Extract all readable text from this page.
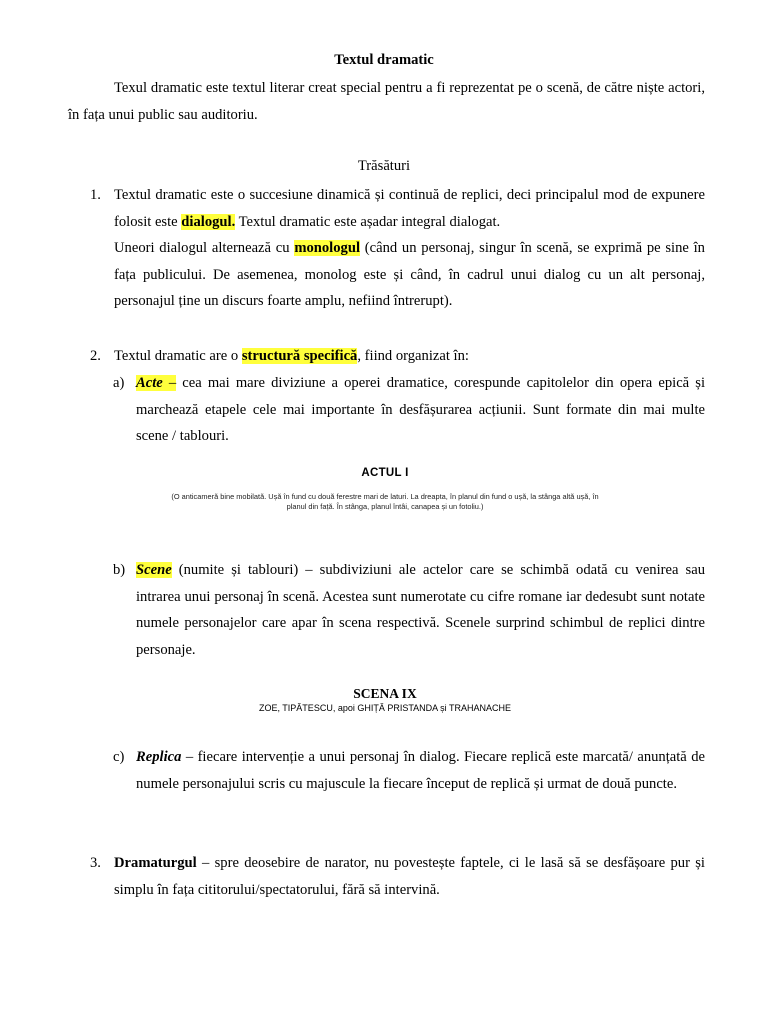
Textul dramatic
Texul dramatic este textul literar creat special pentru a fi reprezentat pe o scenă, de către niște actori, în fața unui public sau auditoriu.
Trăsături
1. Textul dramatic este o succesiune dinamică și continuă de replici, deci principalul mod de expunere folosit este dialogul. Textul dramatic este așadar integral dialogat.
Uneori dialogul alternează cu monologul (când un personaj, singur în scenă, se exprimă pe sine în fața publicului. De asemenea, monolog este și când, în cadrul unui dialog cu un alt personaj, personajul ține un discurs foarte amplu, nefiind întrerupt).
2. Textul dramatic are o structură specifică, fiind organizat în:
a) Acte – cea mai mare diviziune a operei dramatice, corespunde capitolelor din opera epică și marchează etapele cele mai importante în desfășurarea acțiunii. Sunt formate din mai multe scene / tablouri.
ACTUL I
(O anticameră bine mobilată. Ușă în fund cu două ferestre mari de laturi. La dreapta, în planul din fund o ușă, la stânga altă ușă, în planul din față. În stânga, planul întâi, canapea și un fotoliu.)
b) Scene (numite și tablouri) – subdiviziuni ale actelor care se schimbă odată cu venirea sau intrarea unui personaj în scenă. Acestea sunt numerotate cu cifre romane iar dedesubt sunt notate numele personajelor care apar în scena respectivă. Scenele surprind schimbul de replici dintre personaje.
SCENA IX
ZOE, TIPĂTESCU, apoi GHIȚĂ PRISTANDA și TRAHANACHE
c) Replica – fiecare intervenție a unui personaj în dialog. Fiecare replică este marcată/ anunțată de numele personajului scris cu majuscule la fiecare început de replică și urmat de două puncte.
3. Dramaturgul – spre deosebire de narator, nu povestește faptele, ci le lasă să se desfășoare pur și simplu în fața cititorului/spectatorului, fără să intervină.
